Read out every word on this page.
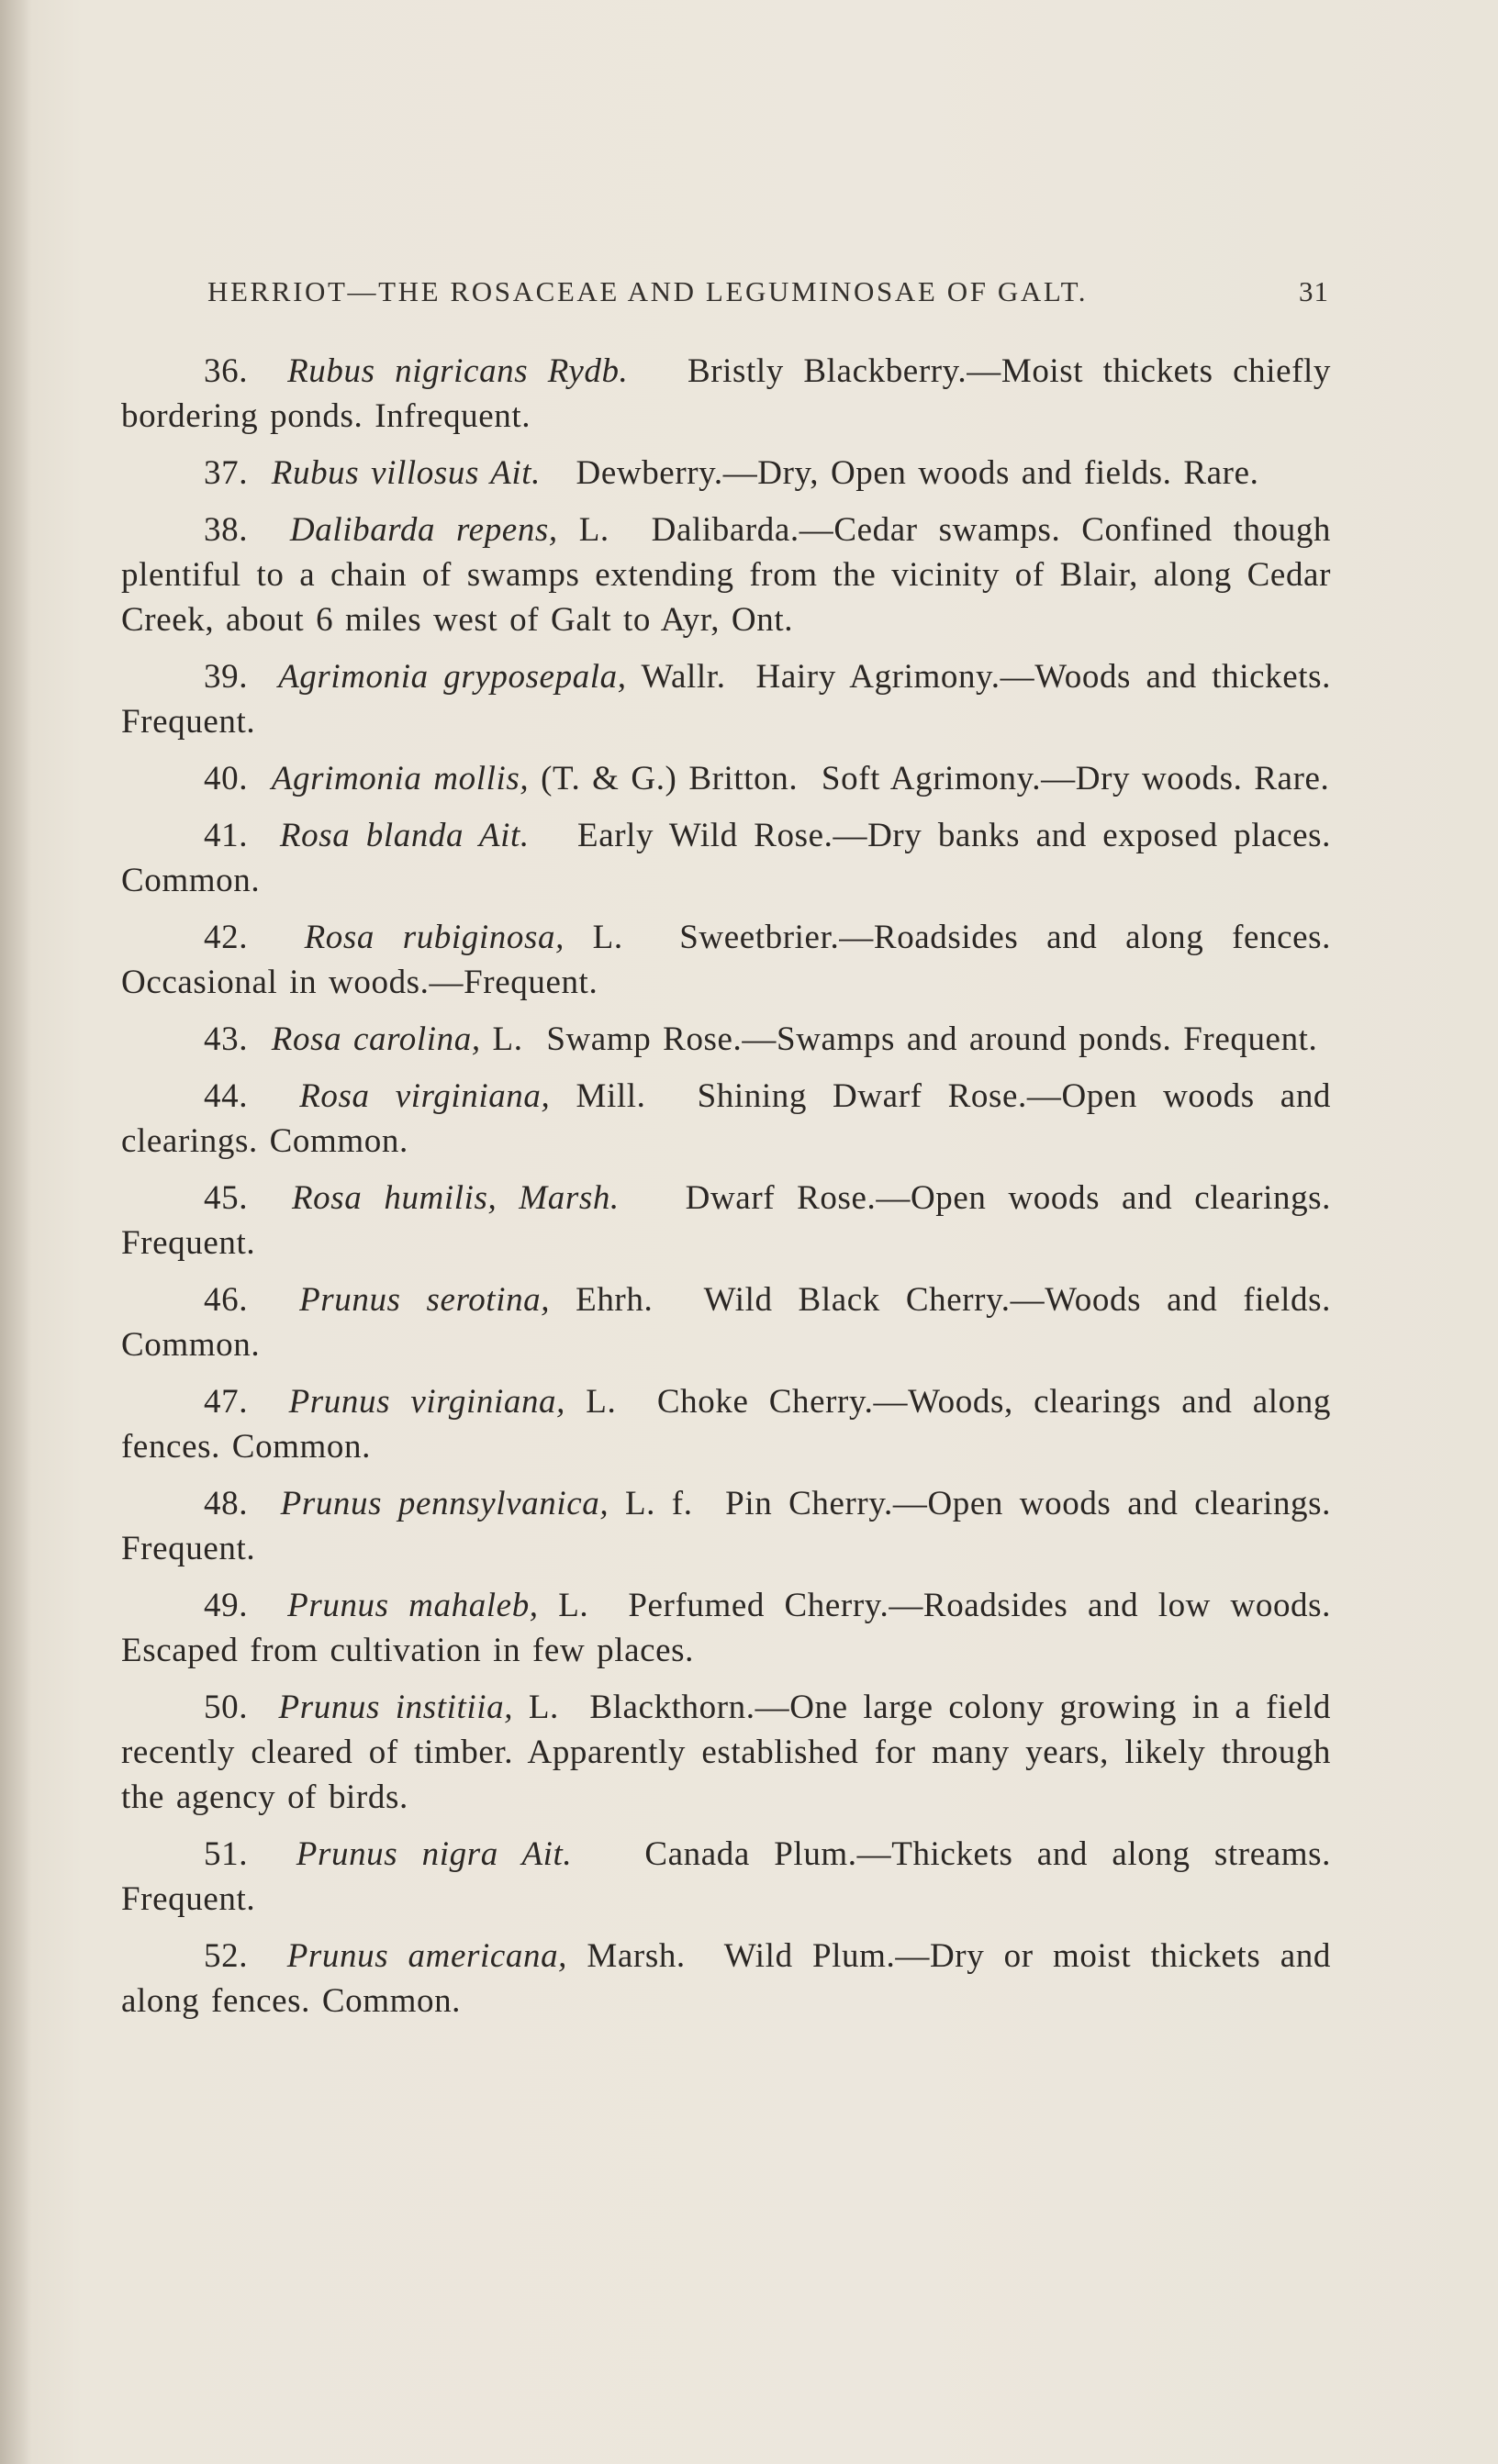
HERRIOT—THE ROSACEAE AND LEGUMINOSAE OF GALT.	31

36. Rubus nigricans Rydb. Bristly Blackberry.—Moist thickets chiefly bordering ponds. Infrequent.

37. Rubus villosus Ait. Dewberry.—Dry, Open woods and fields. Rare.

38. Dalibarda repens, L. Dalibarda.—Cedar swamps. Confined though plentiful to a chain of swamps extending from the vicinity of Blair, along Cedar Creek, about 6 miles west of Galt to Ayr, Ont.

39. Agrimonia gryposepala, Wallr. Hairy Agrimony.—Woods and thickets. Frequent.

40. Agrimonia mollis, (T. & G.) Britton. Soft Agrimony.—Dry woods. Rare.

41. Rosa blanda Ait. Early Wild Rose.—Dry banks and exposed places. Common.

42. Rosa rubiginosa, L. Sweetbrier.—Roadsides and along fences. Occasional in woods.—Frequent.

43. Rosa carolina, L. Swamp Rose.—Swamps and around ponds. Frequent.

44. Rosa virginiana, Mill. Shining Dwarf Rose.—Open woods and clearings. Common.

45. Rosa humilis, Marsh. Dwarf Rose.—Open woods and clearings. Frequent.

46. Prunus serotina, Ehrh. Wild Black Cherry.—Woods and fields. Common.

47. Prunus virginiana, L. Choke Cherry.—Woods, clearings and along fences. Common.

48. Prunus pennsylvanica, L. f. Pin Cherry.—Open woods and clearings. Frequent.

49. Prunus mahaleb, L. Perfumed Cherry.—Roadsides and low woods. Escaped from cultivation in few places.

50. Prunus institiia, L. Blackthorn.—One large colony growing in a field recently cleared of timber. Apparently established for many years, likely through the agency of birds.

51. Prunus nigra Ait. Canada Plum.—Thickets and along streams. Frequent.

52. Prunus americana, Marsh. Wild Plum.—Dry or moist thickets and along fences. Common.
